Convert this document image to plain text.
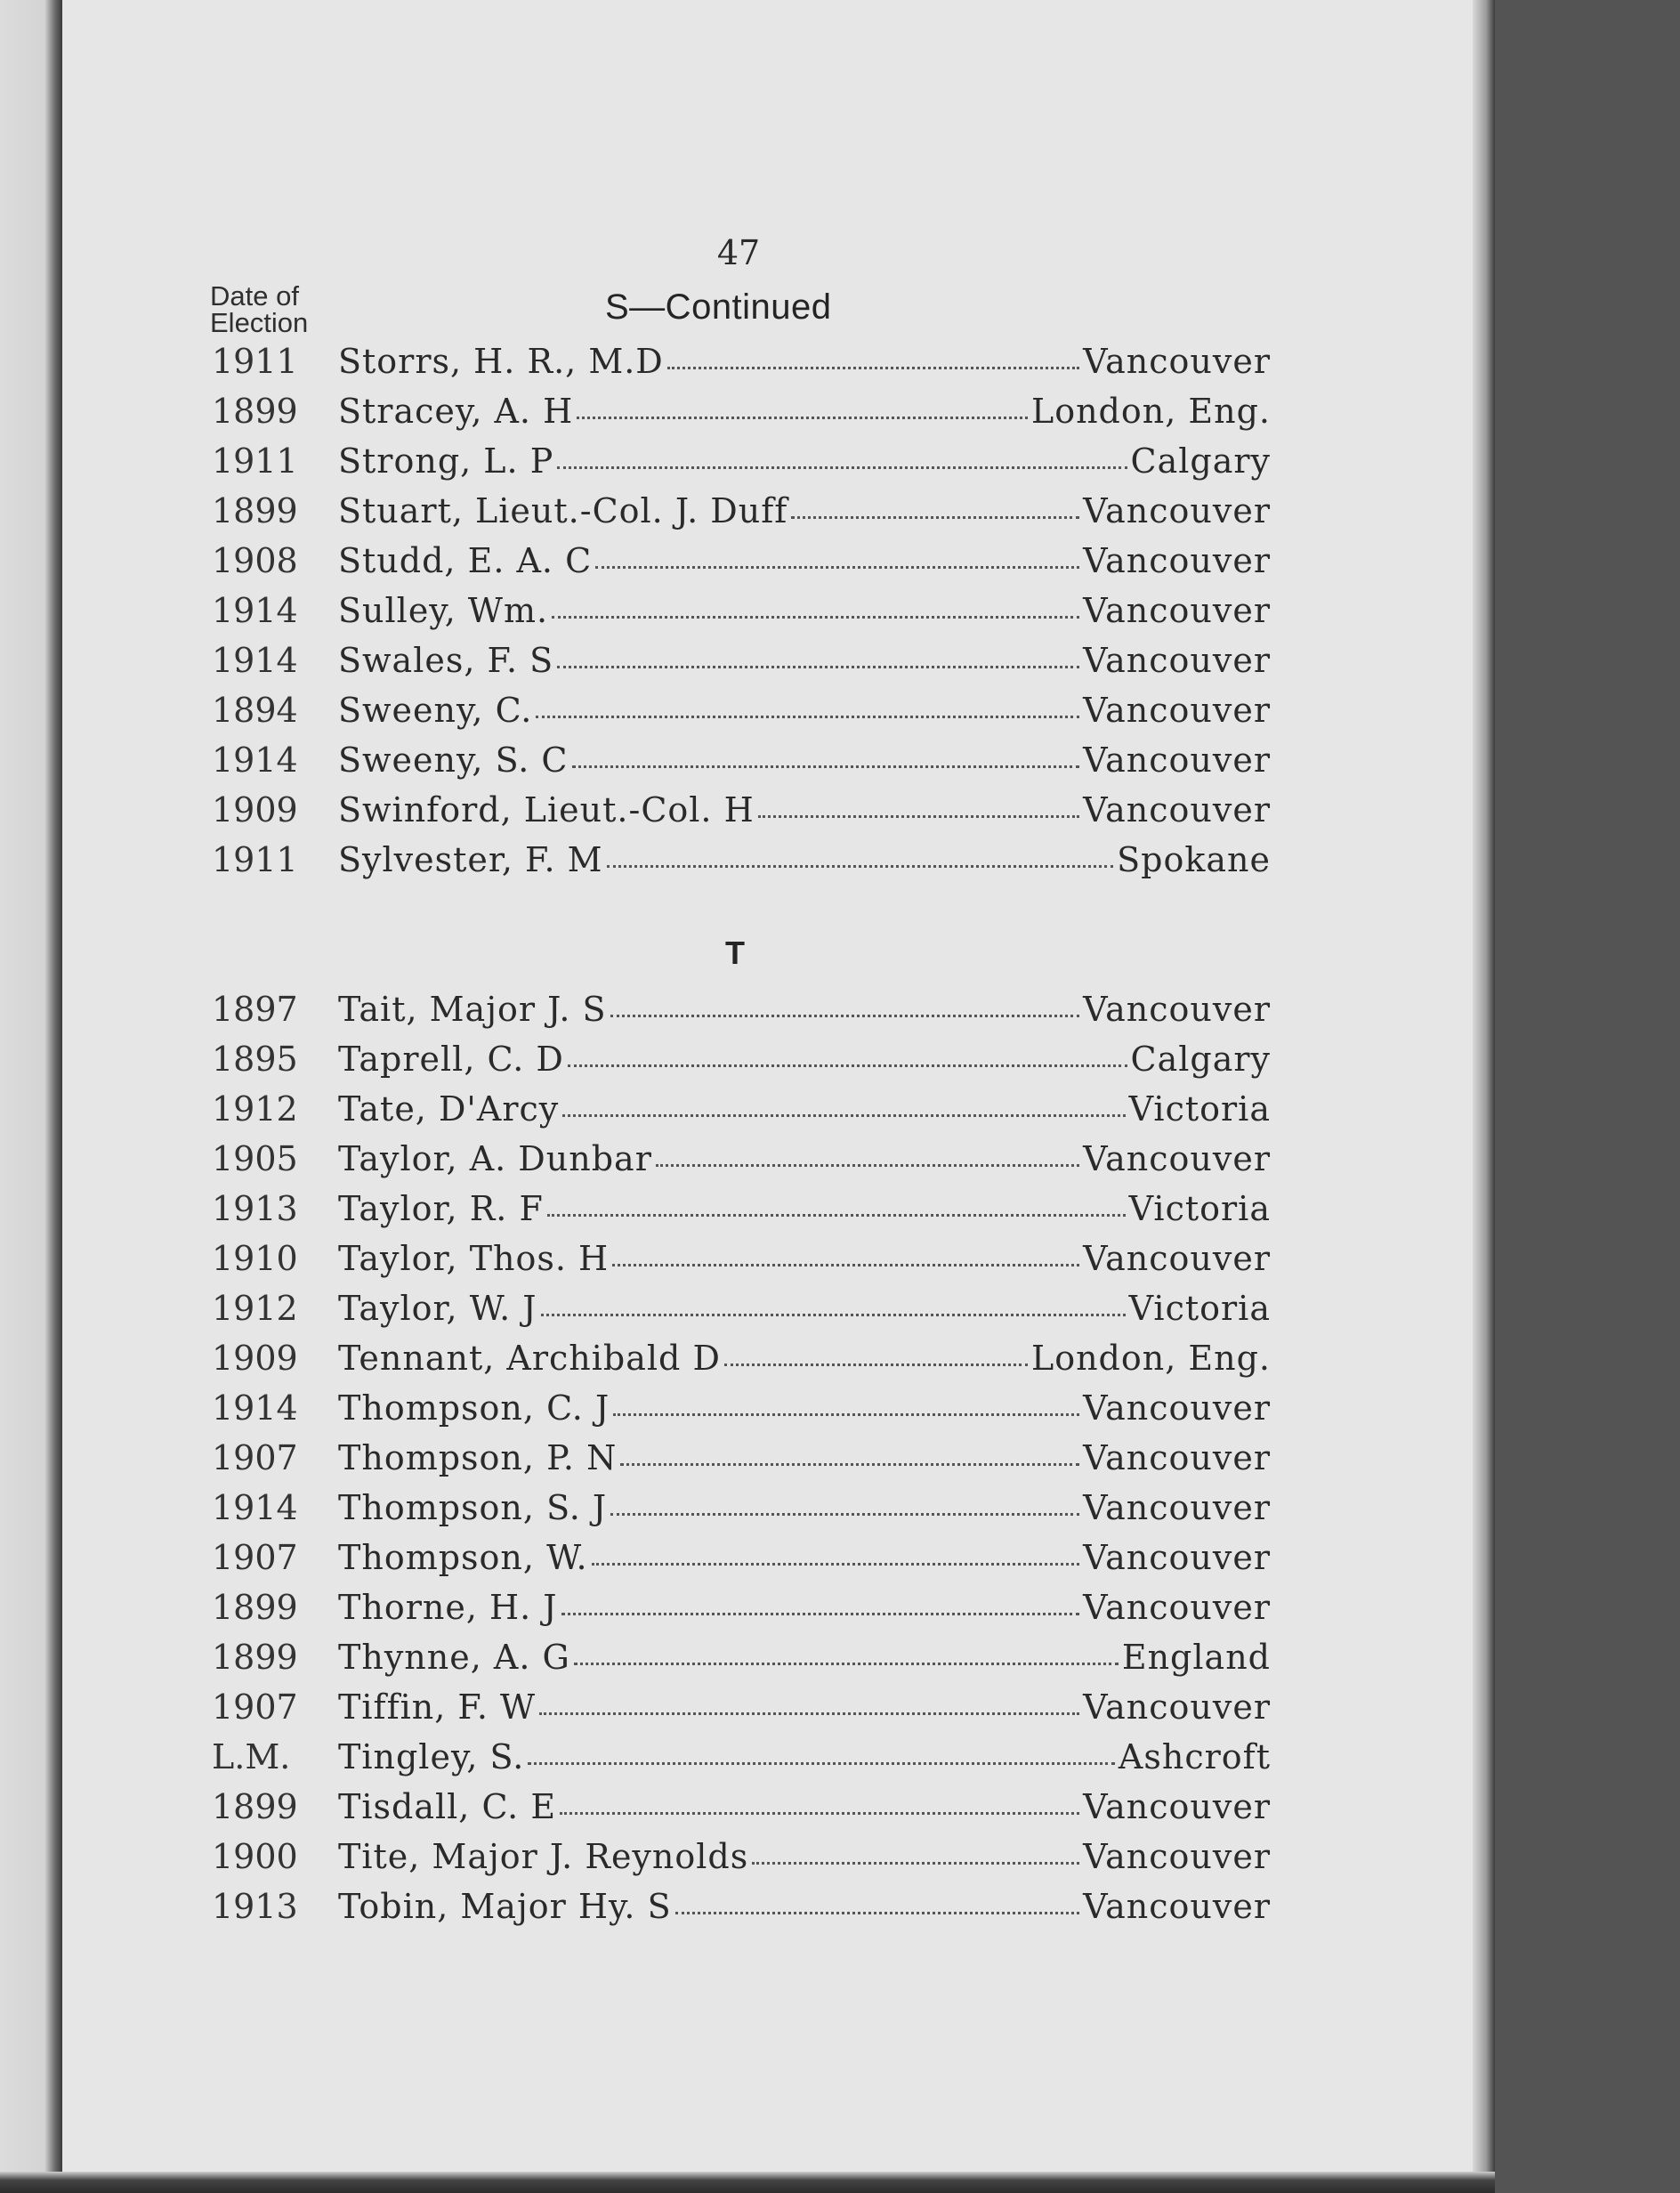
47
Date of
Election	S—Continued
1911	Storrs, H. R., M.D	Vancouver
1899	Stracey, A. H	London, Eng.
1911	Strong, L. P	Calgary
1899	Stuart, Lieut.-Col. J. Duff	Vancouver
1908	Studd, E. A. C	Vancouver
1914	Sulley, Wm.	Vancouver
1914	Swales, F. S	Vancouver
1894	Sweeny, C.	Vancouver
1914	Sweeny, S. C	Vancouver
1909	Swinford, Lieut.-Col. H	Vancouver
1911	Sylvester, F. M	Spokane
T
1897	Tait, Major J. S	Vancouver
1895	Taprell, C. D	Calgary
1912	Tate, D'Arcy	Victoria
1905	Taylor, A. Dunbar	Vancouver
1913	Taylor, R. F	Victoria
1910	Taylor, Thos. H	Vancouver
1912	Taylor, W. J	Victoria
1909	Tennant, Archibald D	London, Eng.
1914	Thompson, C. J	Vancouver
1907	Thompson, P. N	Vancouver
1914	Thompson, S. J	Vancouver
1907	Thompson, W.	Vancouver
1899	Thorne, H. J	Vancouver
1899	Thynne, A. G	England
1907	Tiffin, F. W	Vancouver
L.M.	Tingley, S.	Ashcroft
1899	Tisdall, C. E	Vancouver
1900	Tite, Major J. Reynolds	Vancouver
1913	Tobin, Major Hy. S	Vancouver
